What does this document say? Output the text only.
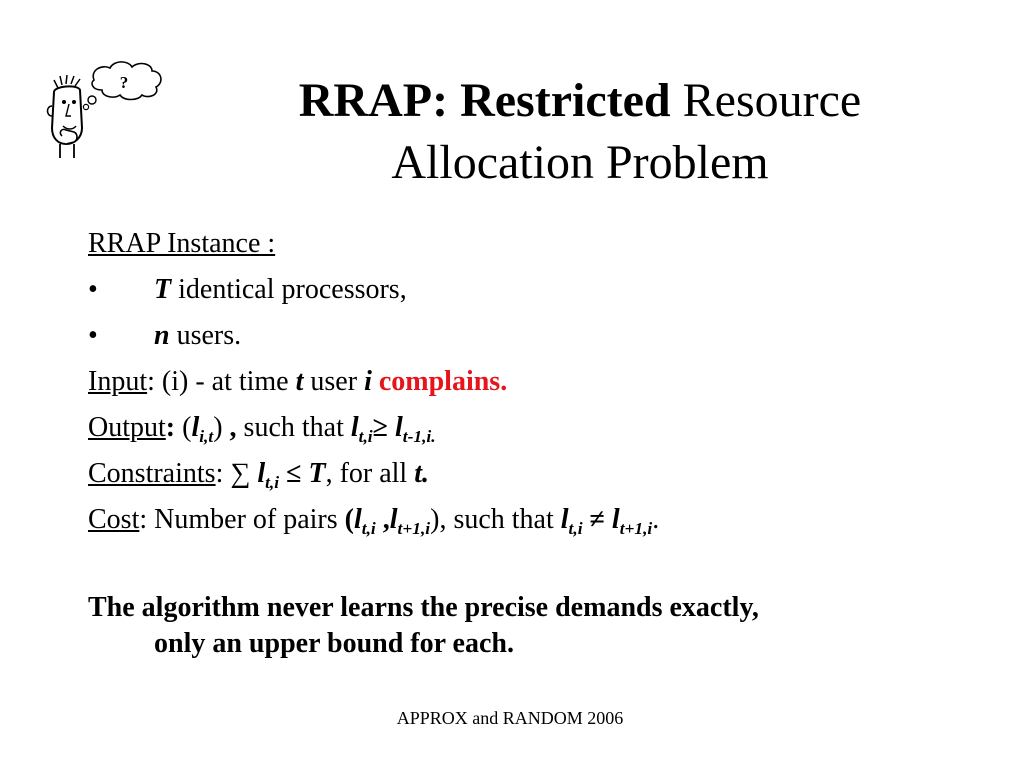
?	RRAP: Restricted Resource
Allocation Problem
RRAP Instance :
• T identical processors,
• n users.
Input: (i) - at time t user i complains.
Output: $(l_{i,t})$ , such that $l_{t,i}\ge l_{t-1,i.}$
Constraints: ∑ $l_{t,i} \le T$, for all t.
Cost: Number of pairs ($l_{t,i}$ $,l_{t+1,i}$), such that $l_{t,i} \ne l_{t+1,i}$.
The algorithm never learns the precise demands exactly,
only an upper bound for each.
APPROX and RANDOM 2006
